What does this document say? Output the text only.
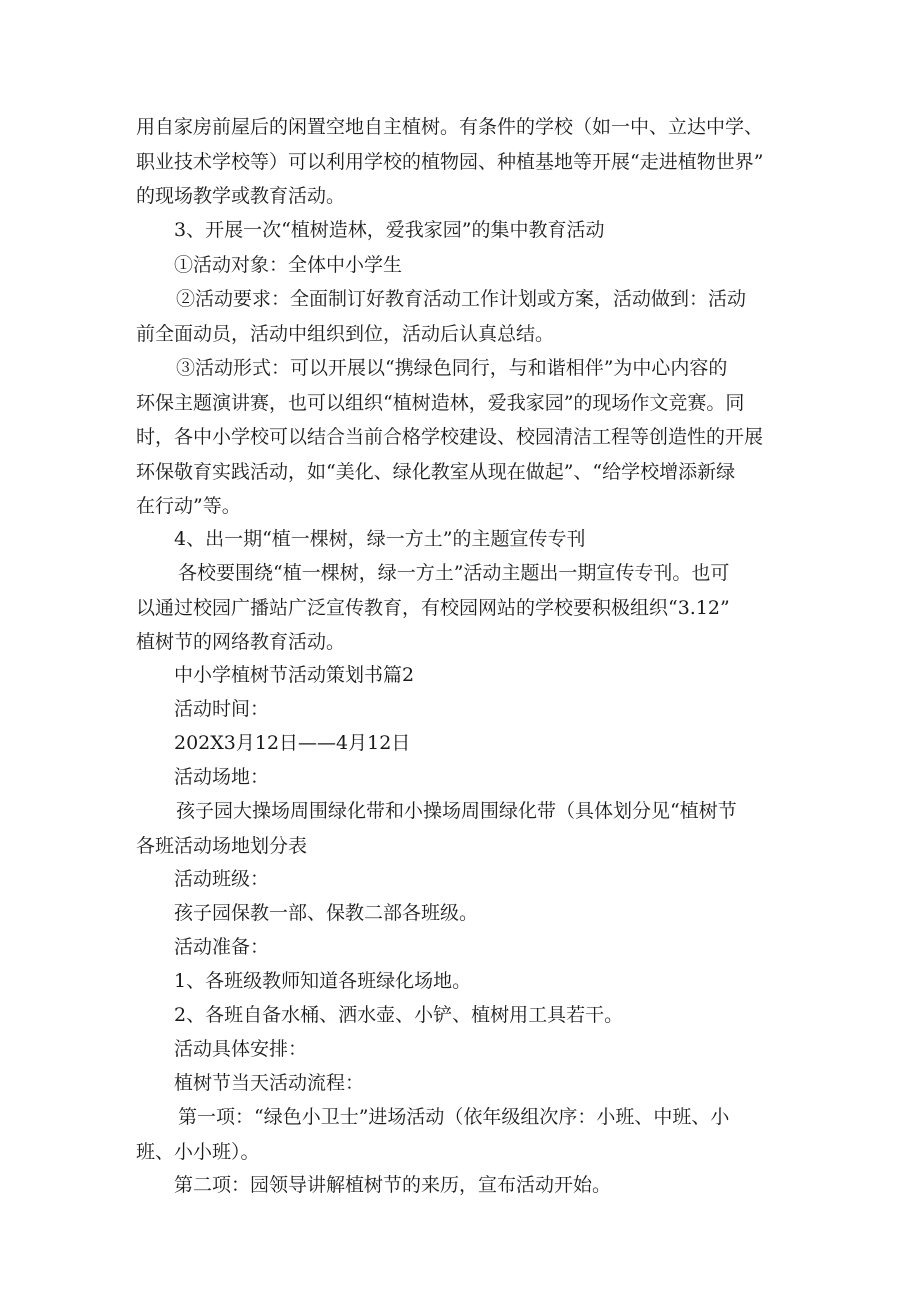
用自家房前屋后的闲置空地自主植树。有条件的学校（如一中、立达中学、
职业技术学校等）可以利用学校的植物园、种植基地等开展“走进植物世界”
的现场教学或教育活动。
3、开展一次“植树造林，爱我家园”的集中教育活动
①活动对象：全体中小学生
②活动要求：全面制订好教育活动工作计划或方案，活动做到：活动
前全面动员，活动中组织到位，活动后认真总结。
③活动形式：可以开展以“携绿色同行，与和谐相伴”为中心内容的
环保主题演讲赛，也可以组织“植树造林，爱我家园”的现场作文竞赛。同
时，各中小学校可以结合当前合格学校建设、校园清洁工程等创造性的开展
环保敬育实践活动，如“美化、绿化教室从现在做起”、“给学校增添新绿
在行动”等。
4、出一期“植一棵树，绿一方土”的主题宣传专刊
各校要围绕“植一棵树，绿一方土”活动主题出一期宣传专刊。也可
以通过校园广播站广泛宣传教育，有校园网站的学校要积极组织“3.12”
植树节的网络教育活动。
中小学植树节活动策划书篇2
活动时间：
202X3月12日——4月12日
活动场地：
孩子园大操场周围绿化带和小操场周围绿化带（具体划分见“植树节
各班活动场地划分表
活动班级：
孩子园保教一部、保教二部各班级。
活动准备：
1、各班级教师知道各班绿化场地。
2、各班自备水桶、洒水壶、小铲、植树用工具若干。
活动具体安排：
植树节当天活动流程：
第一项：“绿色小卫士”进场活动（依年级组次序：小班、中班、小
班、小小班）。
第二项：园领导讲解植树节的来历，宣布活动开始。
